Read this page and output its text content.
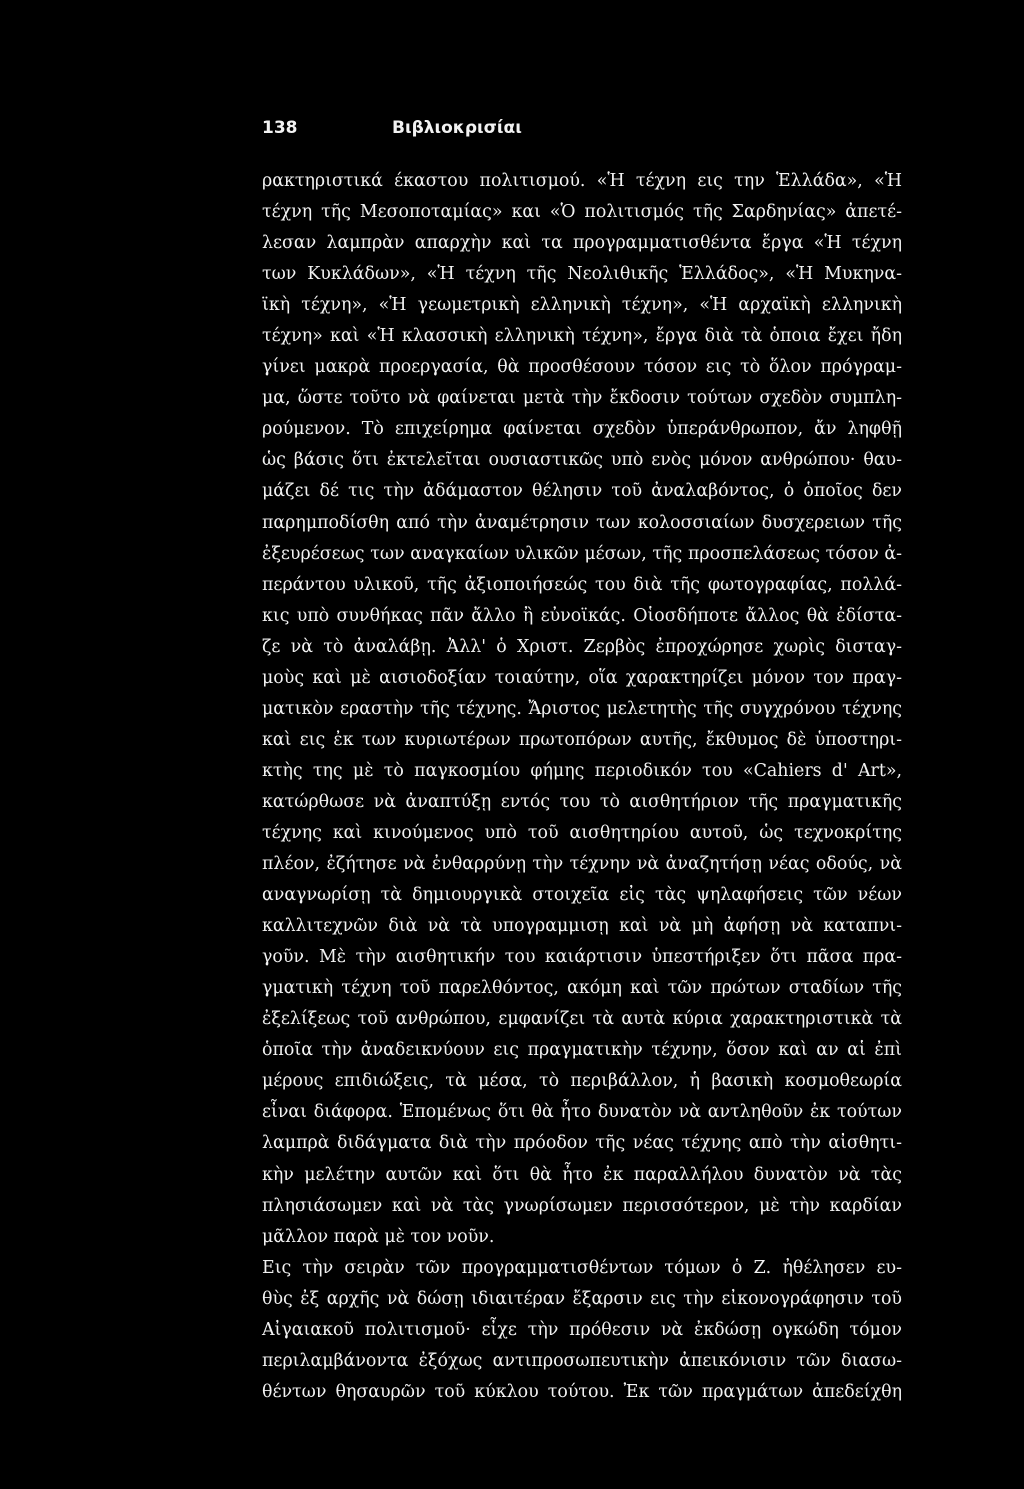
138	Βιβλιοκρισίαι
ρακτηριστικά έκαστου πολιτισμού. «Ἡ τέχνη εις την Ἑλλάδα», «Ἡ
τέχνη τῆς Μεσοποταμίας» και «Ὁ πολιτισμός τῆς Σαρδηνίας» ἀπετέ-
λεσαν λαμπρὰν απαρχὴν καὶ τα προγραμματισθέντα ἔργα «Ἡ τέχνη
των Κυκλάδων», «Ἡ τέχνη τῆς Νεολιθικῆς Ἑλλάδος», «Ἡ Μυκηνα-
ϊκὴ τέχνη», «Ἡ γεωμετρικὴ ελληνικὴ τέχνη», «Ἡ αρχαϊκὴ ελληνικὴ
τέχνη» καὶ «Ἡ κλασσικὴ ελληνικὴ τέχνη», ἔργα διὰ τὰ ὁποια ἔχει ἤδη
γίνει μακρὰ προεργασία, θὰ προσθέσουν τόσον εις τὸ ὅλον πρόγραμ-
μα, ὥστε τοῦτο νὰ φαίνεται μετὰ τὴν ἔκδοσιν τούτων σχεδὸν συμπλη-
ρούμενον. Τὸ επιχείρημα φαίνεται σχεδὸν ὑπεράνθρωπον, ἄν ληφθῇ
ὡς βάσις ὅτι ἐκτελεῖται ουσιαστικῶς υπὸ ενὸς μόνον ανθρώπου· θαυ-
μάζει δέ τις τὴν ἀδάμαστον θέλησιν τοῦ ἀναλαβόντος, ὁ ὁποῖος δεν
παρημποδίσθη από τὴν ἀναμέτρησιν των κολοσσιαίων δυσχερειων τῆς
ἐξευρέσεως των αναγκαίων υλικῶν μέσων, τῆς προσπελάσεως τόσον ἀ-
περάντου υλικοῦ, τῆς ἀξιοποιήσεώς του διὰ τῆς φωτογραφίας, πολλά-
κις υπὸ συνθήκας πᾶν ἄλλο ἢ εὐνοϊκάς. Οἱοσδήποτε ἄλλος θὰ ἐδίστα-
ζε νὰ τὸ ἀναλάβῃ. Ἀλλ' ὁ Χριστ. Ζερβὸς ἐπροχώρησε χωρὶς δισταγ-
μοὺς καὶ μὲ αισιοδοξίαν τοιαύτην, οἵα χαρακτηρίζει μόνον τον πραγ-
ματικὸν εραστὴν τῆς τέχνης. Ἄριστος μελετητὴς τῆς συγχρόνου τέχνης
καὶ εις ἐκ των κυριωτέρων πρωτοπόρων αυτῆς, ἔκθυμος δὲ ὑποστηρι-
κτὴς της μὲ τὸ παγκοσμίου φήμης περιοδικόν του «Cahiers d' Art»,
κατώρθωσε νὰ ἀναπτύξῃ εντός του τὸ αισθητήριον τῆς πραγματικῆς
τέχνης καὶ κινούμενος υπὸ τοῦ αισθητηρίου αυτοῦ, ὡς τεχνοκρίτης
πλέον, ἐζήτησε νὰ ἐνθαρρύνῃ τὴν τέχνην νὰ ἀναζητήσῃ νέας οδούς, νὰ
αναγνωρίσῃ τὰ δημιουργικὰ στοιχεῖα εἰς τὰς ψηλαφήσεις τῶν νέων
καλλιτεχνῶν διὰ νὰ τὰ υπογραμμισῃ καὶ νὰ μὴ ἀφήσῃ νὰ καταπνι-
γοῦν. Μὲ τὴν αισθητικήν του καιάρτισιν ὑπεστήριξεν ὅτι πᾶσα πρα-
γματικὴ τέχνη τοῦ παρελθόντος, ακόμη καὶ τῶν πρώτων σταδίων τῆς
ἐξελίξεως τοῦ ανθρώπου, εμφανίζει τὰ αυτὰ κύρια χαρακτηριστικὰ τὰ
ὁποῖα τὴν ἀναδεικνύουν εις πραγματικὴν τέχνην, ὅσον καὶ αν αἱ ἐπὶ
μέρους επιδιώξεις, τὰ μέσα, τὸ περιβάλλον, ἡ βασικὴ κοσμοθεωρία
εἶναι διάφορα. Ἑπομένως ὅτι θὰ ἦτο δυνατὸν νὰ αντληθοῦν ἐκ τούτων
λαμπρὰ διδάγματα διὰ τὴν πρόοδον τῆς νέας τέχνης απὸ τὴν αἰσθητι-
κὴν μελέτην αυτῶν καὶ ὅτι θὰ ἦτο ἐκ παραλλήλου δυνατὸν νὰ τὰς
πλησιάσωμεν καὶ νὰ τὰς γνωρίσωμεν περισσότερον, μὲ τὴν καρδίαν
μᾶλλον παρὰ μὲ τον νοῦν.
Εις τὴν σειρὰν τῶν προγραμματισθέντων τόμων ὁ Ζ. ἠθέλησεν ευ-
θὺς ἐξ αρχῆς νὰ δώσῃ ιδιαιτέραν ἔξαρσιν εις τὴν εἰκονογράφησιν τοῦ
Αἰγαιακοῦ πολιτισμοῦ· εἶχε τὴν πρόθεσιν νὰ ἐκδώσῃ ογκώδη τόμον
περιλαμβάνοντα ἐξόχως αντιπροσωπευτικὴν ἀπεικόνισιν τῶν διασω-
θέντων θησαυρῶν τοῦ κύκλου τούτου. Ἐκ τῶν πραγμάτων ἀπεδείχθη
